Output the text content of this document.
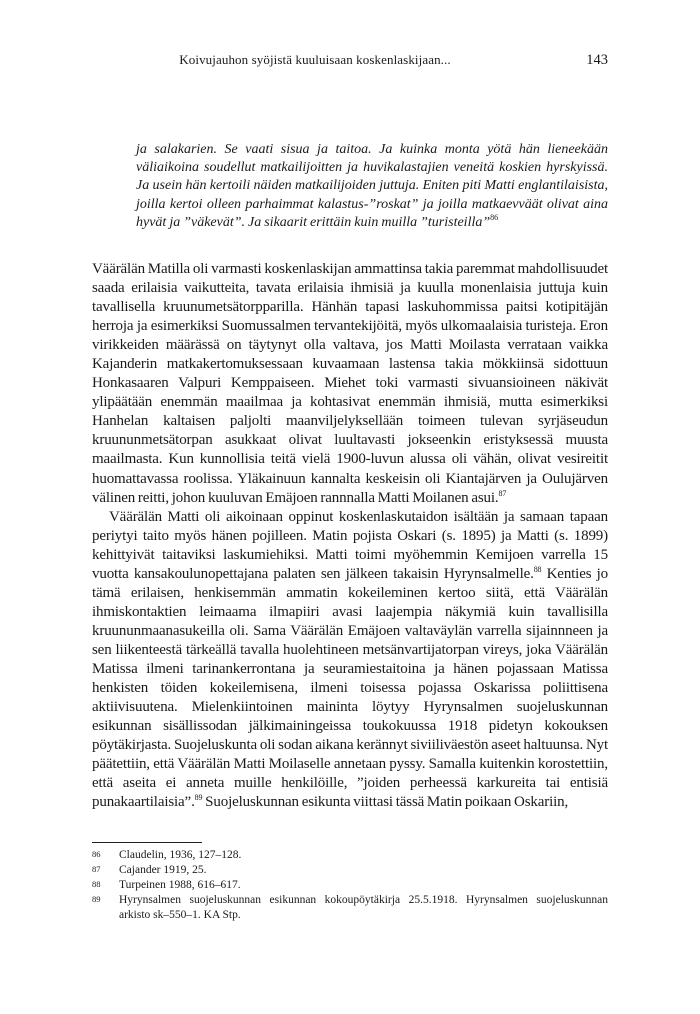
Koivujauhon syöjistä kuuluisaan koskenlaskijaan...	143
ja salakarien. Se vaati sisua ja taitoa. Ja kuinka monta yötä hän lieneekään väliaikoina soudellut matkailijoitten ja huvikalastajien veneitä koskien hyrskyissä. Ja usein hän kertoili näiden matkailijoiden juttuja. Eniten piti Matti englantilaisista, joilla kertoi olleen parhaimmat kalastus-”roskat” ja joilla matkaevväät olivat aina hyvät ja ”väkevät”. Ja sikaarit erittäin kuin muilla ”turisteilla”$^{86}$

Väärälän Matilla oli varmasti koskenlaskijan ammattinsa takia paremmat mahdollisuudet saada erilaisia vaikutteita, tavata erilaisia ihmisiä ja kuulla monenlaisia juttuja kuin tavallisella kruunumetsätorpparilla. Hänhän tapasi laskuhommissa paitsi kotipitäjän herroja ja esimerkiksi Suomussalmen tervantekijöitä, myös ulkomaalaisia turisteja. Eron virikkeiden määrässä on täytynyt olla valtava, jos Matti Moilasta verrataan vaikka Kajanderin matkakertomuksessaan kuvaamaan lastensa takia mökkiinsä sidottuun Honkasaaren Valpuri Kemppaiseen. Miehet toki varmasti sivuansioineen näkivät ylipäätään enemmän maailmaa ja kohtasivat enemmän ihmisiä, mutta esimerkiksi Hanhelan kaltaisen paljolti maanviljelyksellään toimeen tulevan syrjäseudun kruununmetsätorpan asukkaat olivat luultavasti jokseenkin eristyksessä muusta maailmasta. Kun kunnollisia teitä vielä 1900-luvun alussa oli vähän, olivat vesireitit huomattavassa roolissa. Yläkainuun kannalta keskeisin oli Kiantajärven ja Oulujärven välinen reitti, johon kuuluvan Emäjoen rannnalla Matti Moilanen asui.$^{87}$

Väärälän Matti oli aikoinaan oppinut koskenlaskutaidon isältään ja samaan tapaan periytyi taito myös hänen pojilleen. Matin pojista Oskari (s. 1895) ja Matti (s. 1899) kehittyivät taitaviksi laskumiehiksi. Matti toimi myöhemmin Kemijoen varrella 15 vuotta kansakoulunopettajana palaten sen jälkeen takaisin Hyrynsalmelle.$^{88}$ Kenties jo tämä erilaisen, henkisemmän ammatin kokeileminen kertoo siitä, että Väärälän ihmiskontaktien leimaama ilmapiiri avasi laajempia näkymiä kuin tavallisilla kruununmaanasukeilla oli. Sama Väärälän Emäjoen valtaväylän varrella sijainnneen ja sen liikenteestä tärkeällä tavalla huolehtineen metsänvartijatorpan vireys, joka Väärälän Matissa ilmeni tarinankerrontana ja seuramiestaitoina ja hänen pojassaan Matissa henkisten töiden kokeilemisena, ilmeni toisessa pojassa Oskarissa poliittisena aktiivisuutena. Mielenkiintoinen maininta löytyy Hyrynsalmen suojeluskunnan esikunnan sisällissodan jälkimainingeissa toukokuussa 1918 pidetyn kokouksen pöytäkirjasta. Suojeluskunta oli sodan aikana kerännyt siviiliväestön aseet haltuunsa. Nyt päätettiin, että Väärälän Matti Moilaselle annetaan pyssy. Samalla kuitenkin korostettiin, että aseita ei anneta muille henkilöille, ”joiden perheessä karkureita tai entisiä punakaartilaisia”.$^{89}$ Suojeluskunnan esikunta viittasi tässä Matin poikaan Oskariin,

86	Claudelin, 1936, 127–128.
87	Cajander 1919, 25.
88	Turpeinen 1988, 616–617.
89	Hyrynsalmen suojeluskunnan esikunnan kokoupöytäkirja 25.5.1918. Hyrynsalmen suojeluskunnan arkisto sk–550–1. KA Stp.
